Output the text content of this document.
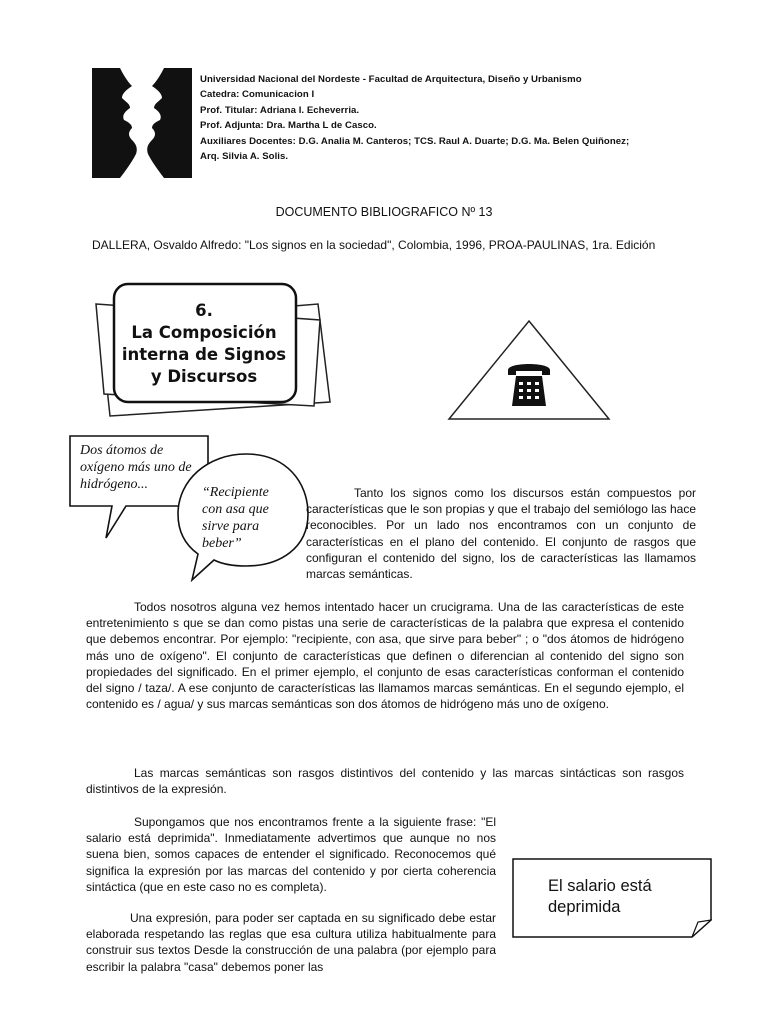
Universidad Nacional del Nordeste - Facultad de Arquitectura, Diseño y Urbanismo
Catedra: Comunicacion I
Prof. Titular: Adriana I. Echeverria.
Prof. Adjunta: Dra. Martha L de Casco.
Auxiliares Docentes: D.G. Analia M. Canteros; TCS. Raul A. Duarte; D.G. Ma. Belen Quiñonez;
Arq. Silvia A. Solis.
DOCUMENTO BIBLIOGRAFICO Nº 13
DALLERA, Osvaldo Alfredo: "Los signos en la sociedad", Colombia, 1996, PROA-PAULINAS, 1ra. Edición
6.
La Composición
interna de Signos
y Discursos
Dos átomos de oxígeno más uno de hidrógeno...
“Recipiente con asa que sirve para beber”
Tanto los signos como los discursos están compuestos por características que le son propias y que el trabajo del semiólogo las hace reconocibles. Por un lado nos encontramos con un conjunto de características en el plano del contenido. El conjunto de rasgos que configuran el contenido del signo, los de características las llamamos marcas semánticas.
Todos nosotros alguna vez hemos intentado hacer un crucigrama. Una de las características de este entretenimiento s que se dan como pistas una serie de características de la palabra que expresa el contenido que debemos encontrar. Por ejemplo: "recipiente, con asa, que sirve para beber" ; o "dos átomos de hidrógeno más uno de oxígeno". El conjunto de características que definen o diferencian al contenido del signo son propiedades del significado. En el primer ejemplo, el conjunto de esas características conforman el contenido del signo / taza/. A ese conjunto de características las llamamos marcas semánticas. En el segundo ejemplo, el contenido es / agua/ y sus marcas semánticas son dos átomos de hidrógeno más uno de oxígeno.
Las marcas semánticas son rasgos distintivos del contenido y las marcas sintácticas son rasgos distintivos de la expresión.
Supongamos que nos encontramos frente a la siguiente frase: "El salario está deprimida". Inmediatamente advertimos que aunque no nos suena bien, somos capaces de entender el significado. Reconocemos qué significa la expresión por las marcas del contenido y por cierta coherencia sintáctica (que en este caso no es completa).
Una expresión, para poder ser captada en su significado debe estar elaborada respetando las reglas que esa cultura utiliza habitualmente para construir sus textos Desde la construcción de una palabra (por ejemplo para escribir la palabra "casa" debemos poner las
El salario está
deprimida
